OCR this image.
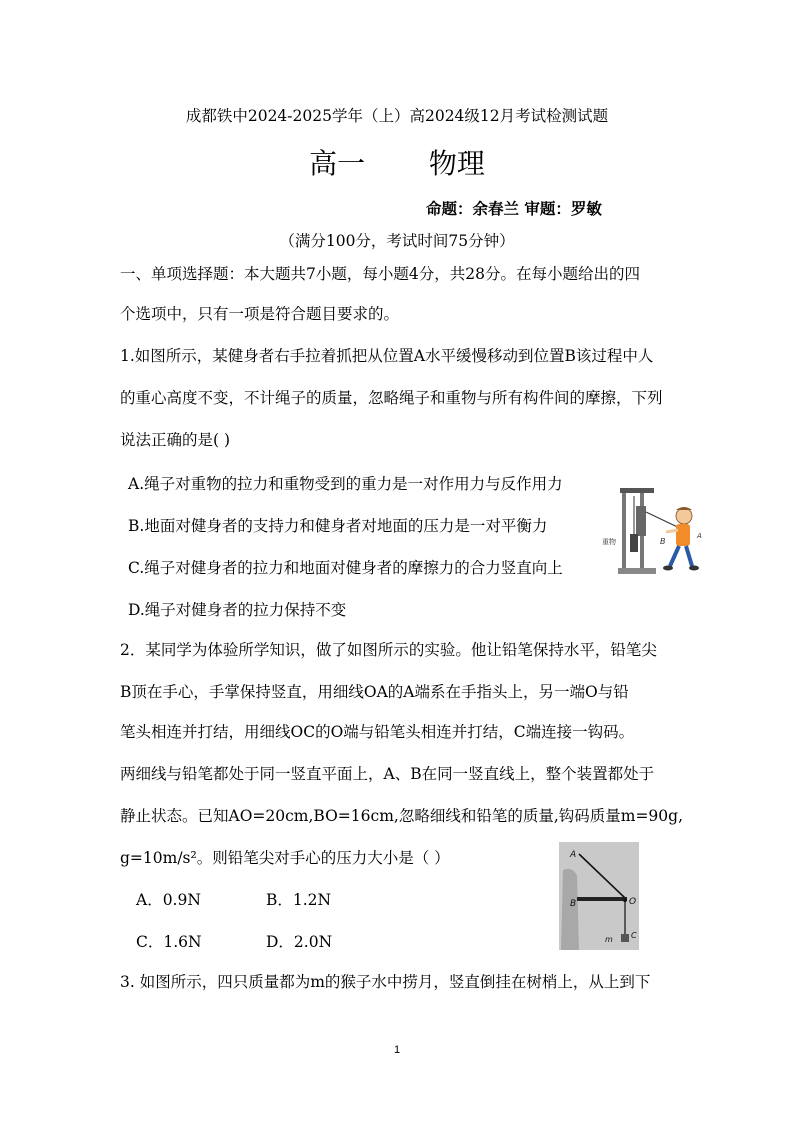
成都铁中2024-2025学年（上）高2024级12月考试检测试题
高一 物理
命题：余春兰 审题：罗敏
（满分100分，考试时间75分钟）
一、单项选择题：本大题共7小题，每小题4分，共28分。在每小题给出的四
个选项中，只有一项是符合题目要求的。
1.如图所示，某健身者右手拉着抓把从位置A水平缓慢移动到位置B该过程中人
的重心高度不变，不计绳子的质量，忽略绳子和重物与所有构件间的摩擦，下列
说法正确的是( )
A.绳子对重物的拉力和重物受到的重力是一对作用力与反作用力
B.地面对健身者的支持力和健身者对地面的压力是一对平衡力
C.绳子对健身者的拉力和地面对健身者的摩擦力的合力竖直向上
D.绳子对健身者的拉力保持不变
重物	B
A
2．某同学为体验所学知识，做了如图所示的实验。他让铅笔保持水平，铅笔尖
B顶在手心，手掌保持竖直，用细线OA的A端系在手指头上，另一端O与铅
笔头相连并打结，用细线OC的O端与铅笔头相连并打结，C端连接一钩码。
两细线与铅笔都处于同一竖直平面上，A、B在同一竖直线上，整个装置都处于
静止状态。已知AO=20cm,BO=16cm,忽略细线和铅笔的质量,钩码质量m=90g,
g=10m/s²。则铅笔尖对手心的压力大小是（ ）
A．0.9N	B．1.2N
C．1.6N	D．2.0N
A
B	O
C
m
3. 如图所示，四只质量都为m的猴子水中捞月，竖直倒挂在树梢上，从上到下
1
